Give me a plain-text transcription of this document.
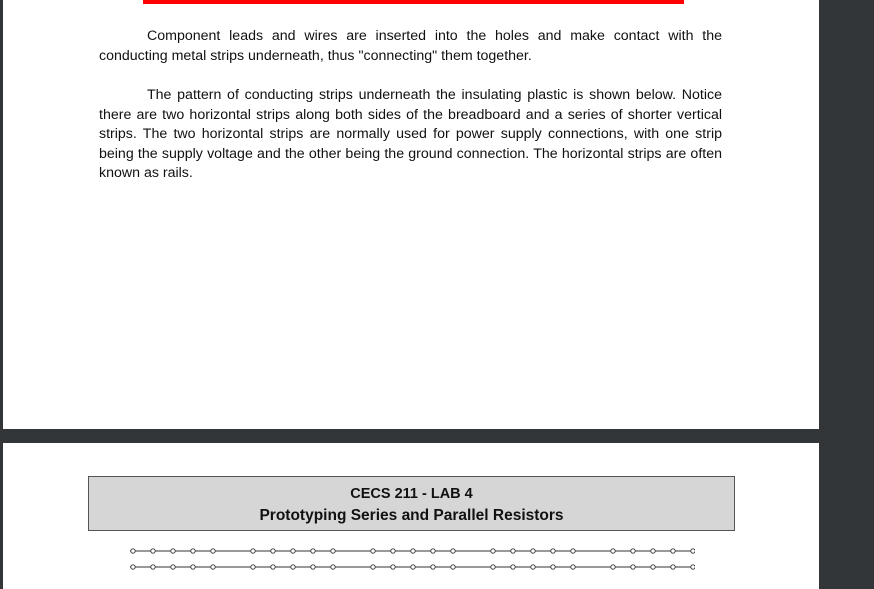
Component leads and wires are inserted into the holes and make contact with the conducting metal strips underneath, thus "connecting" them together.

The pattern of conducting strips underneath the insulating plastic is shown below. Notice there are two horizontal strips along both sides of the breadboard and a series of shorter vertical strips. The two horizontal strips are normally used for power supply connections, with one strip being the supply voltage and the other being the ground connection. The horizontal strips are often known as rails.

CECS 211 - LAB 4
Prototyping Series and Parallel Resistors
